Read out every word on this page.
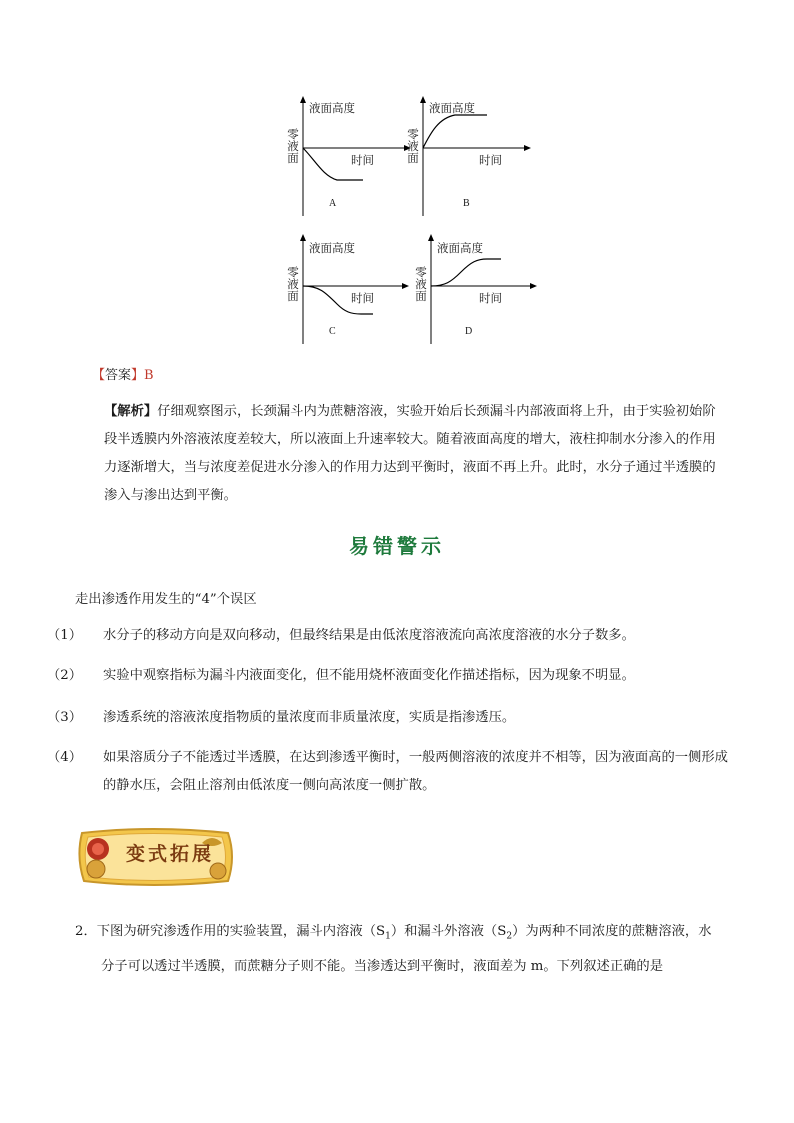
液面高度
零液面	时间
A
液面高度
零液面	时间
B
液面高度
零液面	时间
C
液面高度
零液面	时间
D
【答案】B
【解析】仔细观察图示，长颈漏斗内为蔗糖溶液，实验开始后长颈漏斗内部液面将上升，由于实验初始阶段半透膜内外溶液浓度差较大，所以液面上升速率较大。随着液面高度的增大，液柱抑制水分渗入的作用力逐渐增大，当与浓度差促进水分渗入的作用力达到平衡时，液面不再上升。此时，水分子通过半透膜的渗入与渗出达到平衡。
易错警示
走出渗透作用发生的“4”个误区
（1） 水分子的移动方向是双向移动，但最终结果是由低浓度溶液流向高浓度溶液的水分子数多。
（2） 实验中观察指标为漏斗内液面变化，但不能用烧杯液面变化作描述指标，因为现象不明显。
（3） 渗透系统的溶液浓度指物质的量浓度而非质量浓度，实质是指渗透压。
（4） 如果溶质分子不能透过半透膜，在达到渗透平衡时，一般两侧溶液的浓度并不相等，因为液面高的一侧形成的静水压，会阻止溶剂由低浓度一侧向高浓度一侧扩散。
变式拓展
2．下图为研究渗透作用的实验装置，漏斗内溶液$(S_1)$和漏斗外溶液$(S_2)$为两种不同浓度的蔗糖溶液，水
分子可以透过半透膜，而蔗糖分子则不能。当渗透达到平衡时，液面差为 m。下列叙述正确的是
